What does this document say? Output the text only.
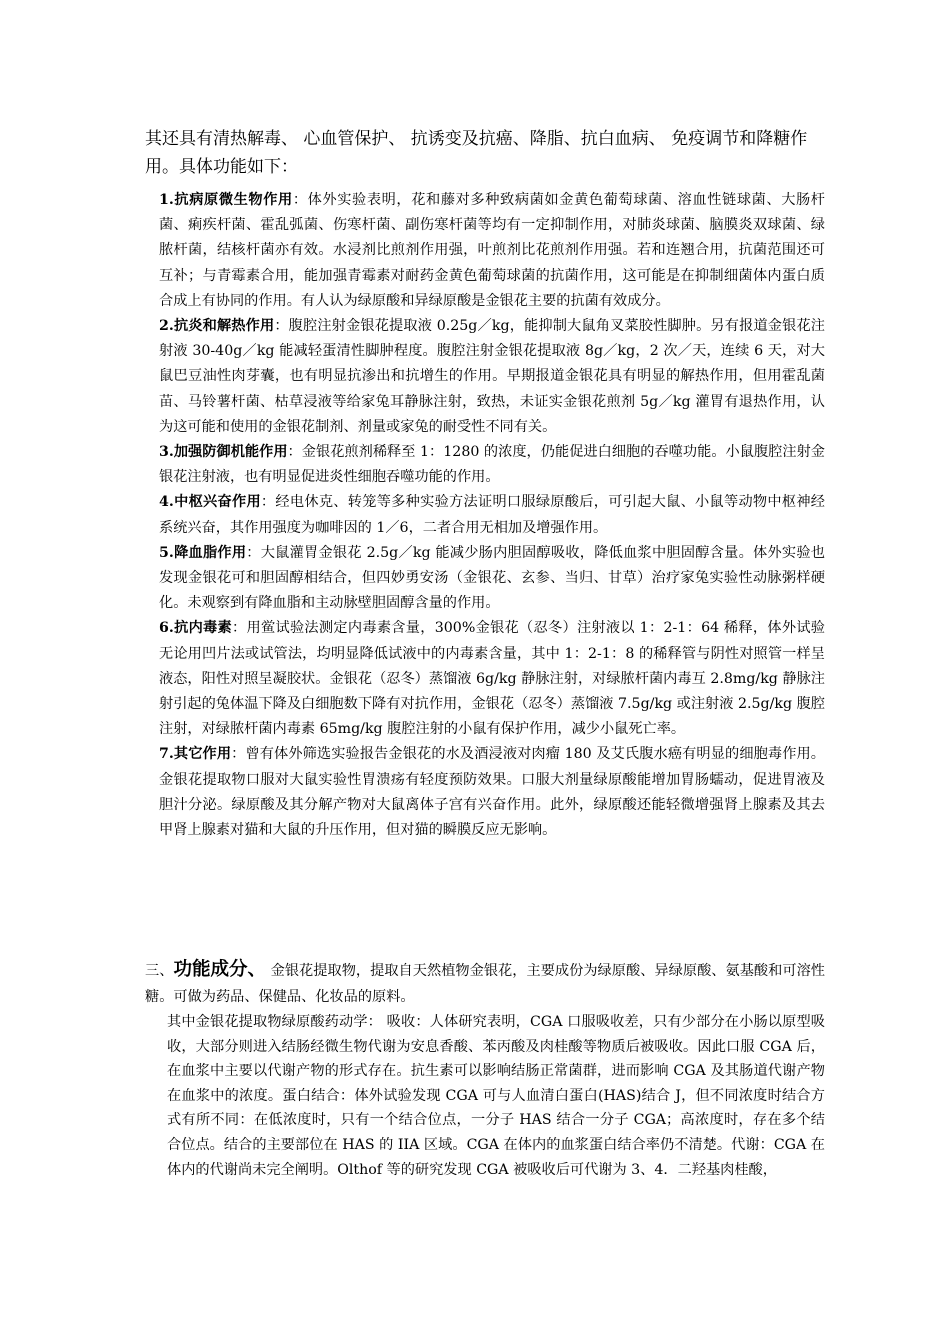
其还具有清热解毒、 心血管保护、 抗诱变及抗癌、降脂、抗白血病、 免疫调节和降糖作用。具体功能如下：

1.抗病原微生物作用：体外实验表明，花和藤对多种致病菌如金黄色葡萄球菌、溶血性链球菌、大肠杆菌、痢疾杆菌、霍乱弧菌、伤寒杆菌、副伤寒杆菌等均有一定抑制作用，对肺炎球菌、脑膜炎双球菌、绿脓杆菌，结核杆菌亦有效。水浸剂比煎剂作用强，叶煎剂比花煎剂作用强。若和连翘合用，抗菌范围还可互补；与青霉素合用，能加强青霉素对耐药金黄色葡萄球菌的抗菌作用，这可能是在抑制细菌体内蛋白质合成上有协同的作用。有人认为绿原酸和异绿原酸是金银花主要的抗菌有效成分。

2.抗炎和解热作用：腹腔注射金银花提取液 0.25g／kg，能抑制大鼠角叉菜胶性脚肿。另有报道金银花注射液 30-40g／kg 能减轻蛋清性脚肿程度。腹腔注射金银花提取液 8g／kg，2 次／天，连续 6 天，对大鼠巴豆油性肉芽囊，也有明显抗渗出和抗增生的作用。早期报道金银花具有明显的解热作用，但用霍乱菌苗、马铃薯杆菌、枯草浸液等给家兔耳静脉注射，致热，未证实金银花煎剂 5g／kg 灌胃有退热作用，认为这可能和使用的金银花制剂、剂量或家兔的耐受性不同有关。

3.加强防御机能作用：金银花煎剂稀释至 1：1280 的浓度，仍能促进白细胞的吞噬功能。小鼠腹腔注射金银花注射液，也有明显促进炎性细胞吞噬功能的作用。

4.中枢兴奋作用：经电休克、转笼等多种实验方法证明口服绿原酸后，可引起大鼠、小鼠等动物中枢神经系统兴奋，其作用强度为咖啡因的 1／6，二者合用无相加及增强作用。

5.降血脂作用：大鼠灌胃金银花 2.5g／kg 能减少肠内胆固醇吸收，降低血浆中胆固醇含量。体外实验也发现金银花可和胆固醇相结合，但四妙勇安汤（金银花、玄参、当归、甘草）治疗家兔实验性动脉粥样硬化。未观察到有降血脂和主动脉壁胆固醇含量的作用。

6.抗内毒素：用鲎试验法测定内毒素含量，300%金银花（忍冬）注射液以 1：2-1：64 稀释，体外试验无论用凹片法或试管法，均明显降低试液中的内毒素含量，其中 1：2-1：8 的稀释管与阴性对照管一样呈液态，阳性对照呈凝胶状。金银花（忍冬）蒸馏液 6g/kg 静脉注射，对绿脓杆菌内毒互 2.8mg/kg 静脉注射引起的兔体温下降及白细胞数下降有对抗作用，金银花（忍冬）蒸馏液 7.5g/kg 或注射液 2.5g/kg 腹腔注射，对绿脓杆菌内毒素 65mg/kg 腹腔注射的小鼠有保护作用，减少小鼠死亡率。

7.其它作用：曾有体外筛选实验报告金银花的水及酒浸液对肉瘤 180 及艾氏腹水癌有明显的细胞毒作用。金银花提取物口服对大鼠实验性胃溃疡有轻度预防效果。口服大剂量绿原酸能增加胃肠蠕动，促进胃液及胆汁分泌。绿原酸及其分解产物对大鼠离体子宫有兴奋作用。此外，绿原酸还能轻微增强肾上腺素及其去甲肾上腺素对猫和大鼠的升压作用，但对猫的瞬膜反应无影响。

三、功能成分、 金银花提取物，提取自天然植物金银花，主要成份为绿原酸、异绿原酸、氨基酸和可溶性糖。可做为药品、保健品、化妆品的原料。

其中金银花提取物绿原酸药动学： 吸收：人体研究表明，CGA 口服吸收差，只有少部分在小肠以原型吸收，大部分则进入结肠经微生物代谢为安息香酸、苯丙酸及肉桂酸等物质后被吸收。因此口服 CGA 后，在血浆中主要以代谢产物的形式存在。抗生素可以影响结肠正常菌群，进而影响 CGA 及其肠道代谢产物在血浆中的浓度。蛋白结合：体外试验发现 CGA 可与人血清白蛋白(HAS)结合 J，但不同浓度时结合方式有所不同：在低浓度时，只有一个结合位点，一分子 HAS 结合一分子 CGA；高浓度时，存在多个结合位点。结合的主要部位在 HAS 的 IIA 区域。CGA 在体内的血浆蛋白结合率仍不清楚。代谢：CGA 在体内的代谢尚未完全阐明。Olthof 等的研究发现 CGA 被吸收后可代谢为 3、4．二羟基肉桂酸，
